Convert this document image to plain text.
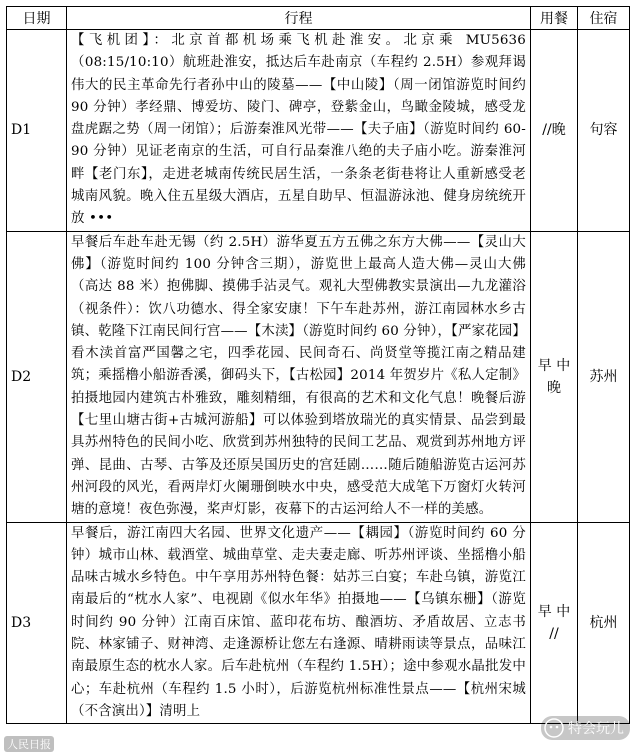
日期	行程	用餐	住宿
D1	【飞机团】：北京首都机场乘飞机赴淮安。北京乘 MU5636（08:15/10:10）航班赴淮安，抵达后车赴南京（车程约 2.5H）参观拜谒伟大的民主革命先行者孙中山的陵墓——【中山陵】（周一闭馆游览时间约 90 分钟）孝经鼎、博爱坊、陵门、碑亭，登紫金山，鸟瞰金陵城，感受龙盘虎踞之势（周一闭馆）；后游秦淮风光带——【夫子庙】（游览时间约 60-90 分钟）见证老南京的生活，可自行品秦淮八绝的夫子庙小吃。游秦淮河畔【老门东】，走进老城南传统民居生活，一条条老街巷将让人重新感受老城南风貌。晚入住五星级大酒店，五星自助早、恒温游泳池、健身房统统开放 •••	//晚	句容
D2	早餐后车赴车赴无锡（约 2.5H）游华夏五方五佛之东方大佛——【灵山大佛】（游览时间约 100 分钟含三期），游览世上最高人造大佛—灵山大佛（高达 88 米）抱佛脚、摸佛手沾灵气。观礼大型佛教实景演出—九龙灌浴（视条件）：饮八功德水、得全家安康！下午车赴苏州，游江南园林水乡古镇、乾隆下江南民间行宫——【木渎】（游览时间约 60 分钟），【严家花园】看木渎首富严国馨之宅，四季花园、民间奇石、尚贤堂等揽江南之精品建筑；乘摇橹小船游香溪，御码头下，【古松园】2014 年贺岁片《私人定制》拍摄地园内建筑古朴雅致，雕刻精细，有很高的艺术和文化气息！晚餐后游【七里山塘古街+古城河游船】可以体验到塔放瑞光的真实情景、品尝到最具苏州特色的民间小吃、欣赏到苏州独特的民间工艺品、观赏到苏州地方评弹、昆曲、古琴、古筝及还原吴国历史的宫廷剧……随后随船游览古运河苏州河段的风光，看两岸灯火阑珊倒映水中央，感受范大成笔下万窗灯火转河塘的意境！夜色弥漫，桨声灯影，夜幕下的古运河给人不一样的美感。	早 中 晚	苏州
D3	早餐后，游江南四大名园、世界文化遗产——【耦园】（游览时间约 60 分钟）城市山林、载酒堂、城曲草堂、走夫妻走廊、听苏州评谈、坐摇橹小船品味古城水乡特色。中午享用苏州特色餐：姑苏三白宴；车赴乌镇，游览江南最后的“枕水人家”、电视剧《似水年华》拍摄地——【乌镇东栅】（游览时间约 90 分钟）江南百床馆、蓝印花布坊、酿酒坊、矛盾故居、立志书院、林家铺子、财神湾、走逢源桥让您左右逢源、晴耕雨读等景点，品味江南最原生态的枕水人家。后车赴杭州（车程约 1.5H）；途中参观水晶批发中心；车赴杭州（车程约 1.5 小时），后游览杭州标准性景点——【杭州宋城（不含演出）】清明上	早 中 //	杭州
特会玩儿
人民日报
